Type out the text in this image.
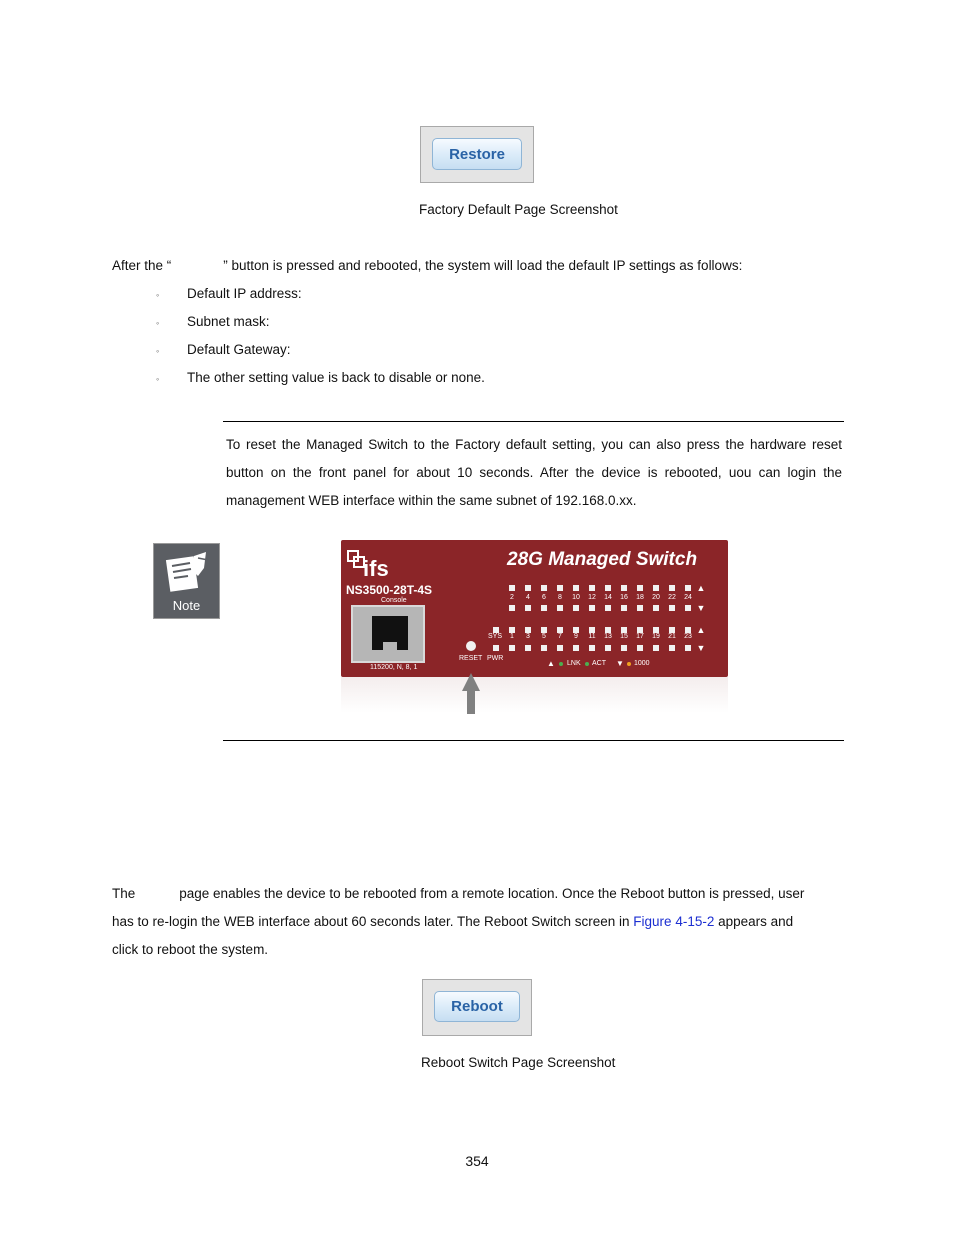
Restore
Factory Default Page Screenshot
After the “	” button is pressed and rebooted, the system will load the default IP settings as follows:
◦ Default IP address:
◦ Subnet mask:
◦ Default Gateway:
◦ The other setting value is back to disable or none.
To reset the Managed Switch to the Factory default setting, you can also press the hardware reset button on the front panel for about 10 seconds. After the device is rebooted, uou can login the management WEB interface within the same subnet of 192.168.0.xx.
Note
ifs	28G Managed Switch
NS3500-28T-4S
Console
115200, N, 8, 1
RESET PWR
SYS
2	4	6	8	10	12	14	16	18	20	22	24
1	3	5	7	9	11	13	15	17	19	21	23
▲
▼
▲
▼
▲ LNK ACT ▼ 1000
The	page enables the device to be rebooted from a remote location. Once the Reboot button is pressed, user
has to re-login the WEB interface about 60 seconds later. The Reboot Switch screen in Figure 4-15-2 appears and
click to reboot the system.
Reboot
Reboot Switch Page Screenshot
354
